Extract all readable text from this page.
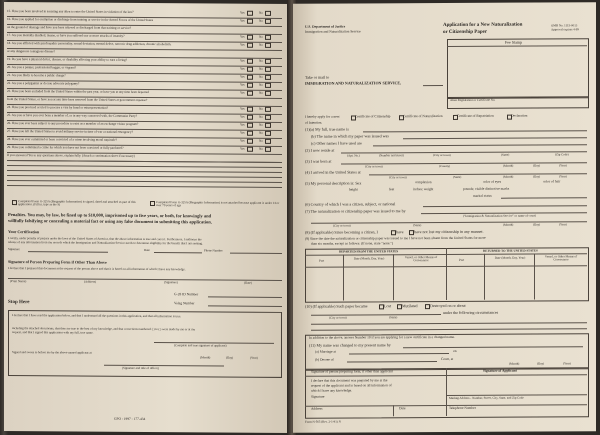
15. Have you been involved in assisting any alien to enter the United States in violation of the law?	Yes	No
16. Have you applied for exemption or discharge from training or service in the Armed Forces of the United States	Yes	No
on the ground of alienage and have you been relieved or discharged from that training or service?
17. Are you mentally disabled, insane, or have you suffered one or more attacks of insanity?	Yes	No
18. Are you afflicted with psychopathic personality, sexual deviation, mental defect, narcotic drug addiction, chronic alcoholism,	Yes	No
or any dangerous contagious disease?
19. Do you have a physical defect, disease, or disability affecting your ability to earn a living?	Yes	No
20. Are you a pauper, professional beggar, or vagrant?	Yes	No
21. Are you likely to become a public charge?	Yes	No
22. Are you a polygamist or do you advocate polygamy?	Yes	No
23. Have you been excluded from the United States within the past year, or have you at any time been deported	Yes	No
from the United States, or have you at any time been removed from the United States at government expense?
24. Have you procured or tried to procure a visa by fraud or misrepresentation?	Yes	No
25. Are you or have you ever been a member of, or in any way connected with, the Communist Party?	Yes	No
26. Have you ever been subject to any procedure to exist as a member of an exchange visitor program?	Yes	No
27. Have you left the United States to avoid military service in time of war or national emergency?	Yes	No
28. Have you ever committed or been convicted of a crime involving moral turpitude?	Yes	No
29. Have you committed a crime for which you have not been convicted or fully pardoned?	Yes	No
If you answered Yes to any questions above, explain fully. (Attach a continuation sheet if necessary)
Completed Form G-325A (Biographic Information) is signed, dated and attached as part of this application. (Fill in, type as the S)	Completed Form G-325A (Biographic Information) is not attached because applicant is under 14 or over 79 years of age
Penalties. You may, by law, be fined up to $10,000, imprisoned up to five years, or both, for knowingly and
willfully falsifying or concealing a material fact or using any false document in submitting this application.
Your Certification
I certify, under penalty of perjury under the laws of the United States of America, that the above information is true and correct. Furthermore, I authorize the
release of any information from my records which the Immigration and Naturalization Service needs to determine eligibility for the benefit that I am seeking.
Signature	Date	Phone Number
Signature of Person Preparing Form if Other Than Above
I declare that I prepared this document at the request of the person above and that it is based on all information of which I have any knowledge.
(Print Name)	(Address)	(Signature)	(Date)
G-28 ID Number
Volag Number
Stop Here
I declare that I have read the application below, and that I understand all the questions in this application, and that all information is true.
including the attached documents, that they are true to the best of my knowledge, and that corrections numbered ( ) to ( ) were made by me or at my
request, and that I signed this application with my full, true name.
(Complete and true signature of applicant)
Signed and sworn to before me by the above-named applicant at
(Month)	(Day)	(Year)
(Signature and title of officer)
GPO : 1997 - 177-434
U.S. Department of Justice
Immigration and Naturalization Service
Application for a New Naturalization
or Citizenship Paper
OMB No. 1115-0013
Approval expires 4-99
Fee Stamp
Alien Registration or Certificate No.
Take or mail to
IMMIGRATION AND NATURALIZATION SERVICE,
I hereby apply for a new:	Certificate of Citizenship	Certificate of Naturalization	Certificate of Repatriation	Declaration
of Intention.
(1)(a) My full, true name is
(b) The name in which my paper was issued was
(c) Other names I have used are
(2) I now reside at
(Apt. No.)	(Number and street)	(City or town)	(State)	(Zip Code)
(3) I was born at
(City or town)	(County)	(Month)	(Day)	(Year)
(4) I arrived in the United States at
(City or town)	(State)	(Month)	(Day)	(Year)
(5) My personal description is: Sex	complexion	color of eyes	color of hair
height	feet	inches; weight	pounds; visible distinctive marks
marital status
(6) Country of which I was a citizen, subject, or national
(7) The naturalization or citizenship paper was issued to me by
("Immigration & Naturalization Service" or name of court)
(City or town)	(State)	(Month)	(Day)	(Year)
(8) (If applicable) Since becoming a citizen, I	have	have not lost my citizenship in any manner.
(9) Since the date the naturalization or citizenship paper was issued to me I have not been absent from the United States for more
than six months, except as follows: (If none, state "none.")
DEPARTED FROM THE UNITED STATES	RETURNED TO THE UNITED STATES
Port
Date (Month, Day, Year)	Vessel, or Other Means of Conveyance	Port
Date (Month, Day, Year)	Vessel, or Other Means of Conveyance
(10) (If applicable) Such paper became	Lost	Mutilated	Destroyed on or about
(City or town)	(State)
under the following circumstances
In addition to the above, answer Number 10 if you are applying for a new certificate in a changed name.
(11) My name was changed to my present name by
(a) Marriage at	on
(b) Decree of	Court, at
(Month)	(Day)	(Year)
Signature of person preparing form, if other than applicant
I declare that this document was prepared by me at the
request of the applicant and is based on all information of
which I have any knowledge.
Signature
Signature of Applicant
Mailing Address - Number, Street, City, State, and Zip Code
Address	Date	Telephone Number
Form N-565 (Rev. 2-1-91) N
